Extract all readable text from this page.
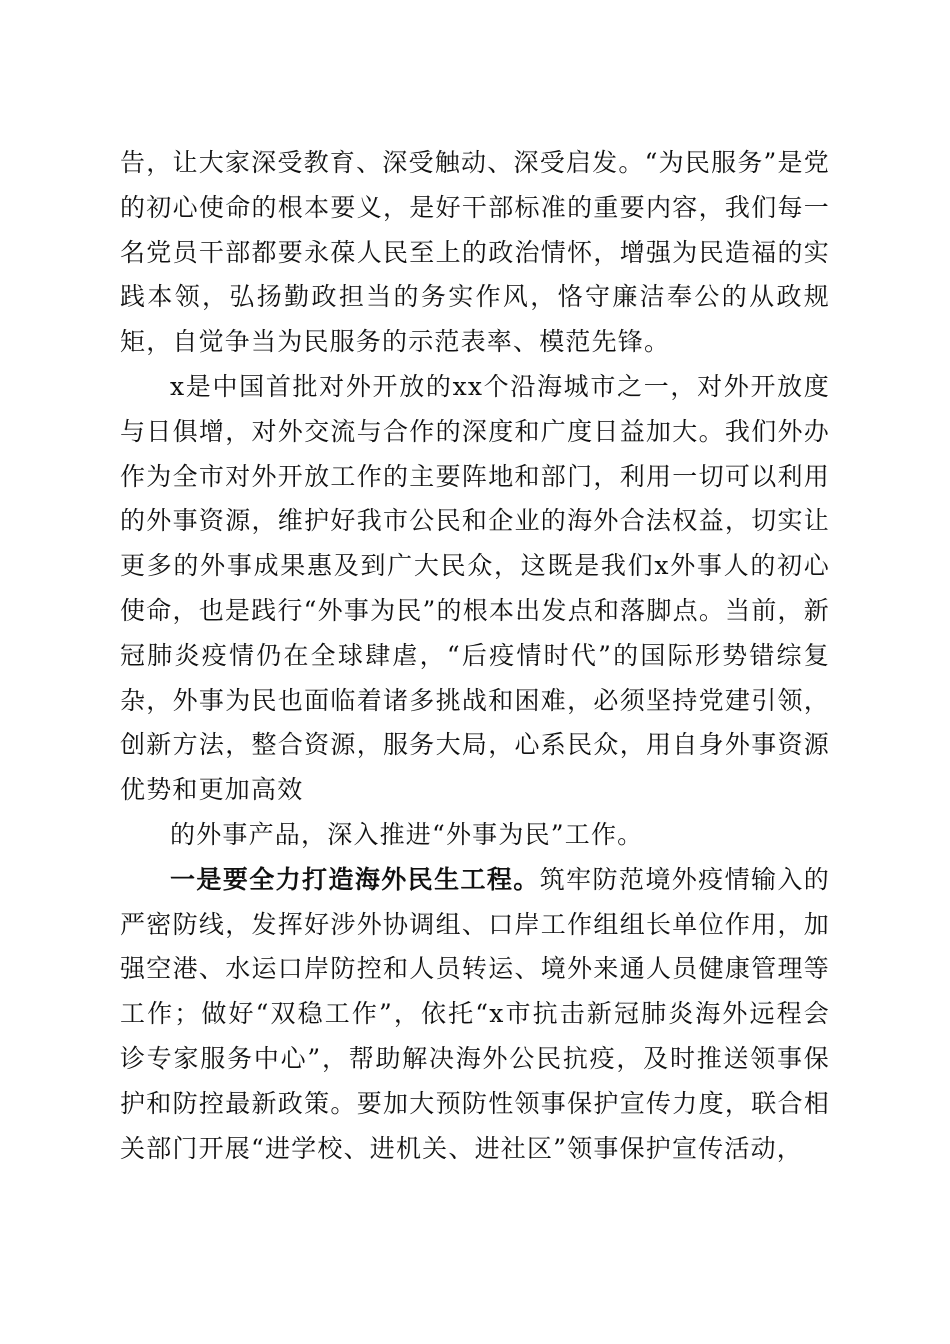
告，让大家深受教育、深受触动、深受启发。“为民服务”是党的初心使命的根本要义，是好干部标准的重要内容，我们每一名党员干部都要永葆人民至上的政治情怀，增强为民造福的实践本领，弘扬勤政担当的务实作风，恪守廉洁奉公的从政规矩，自觉争当为民服务的示范表率、模范先锋。

x是中国首批对外开放的xx个沿海城市之一，对外开放度与日俱增，对外交流与合作的深度和广度日益加大。我们外办作为全市对外开放工作的主要阵地和部门，利用一切可以利用的外事资源，维护好我市公民和企业的海外合法权益，切实让更多的外事成果惠及到广大民众，这既是我们x外事人的初心使命，也是践行“外事为民”的根本出发点和落脚点。当前，新冠肺炎疫情仍在全球肆虐，“后疫情时代”的国际形势错综复杂，外事为民也面临着诸多挑战和困难，必须坚持党建引领，创新方法，整合资源，服务大局，心系民众，用自身外事资源优势和更加高效

的外事产品，深入推进“外事为民”工作。

一是要全力打造海外民生工程。筑牢防范境外疫情输入的严密防线，发挥好涉外协调组、口岸工作组组长单位作用，加强空港、水运口岸防控和人员转运、境外来通人员健康管理等工作；做好“双稳工作”，依托“x市抗击新冠肺炎海外远程会诊专家服务中心”，帮助解决海外公民抗疫，及时推送领事保护和防控最新政策。要加大预防性领事保护宣传力度，联合相关部门开展“进学校、进机关、进社区”领事保护宣传活动，
